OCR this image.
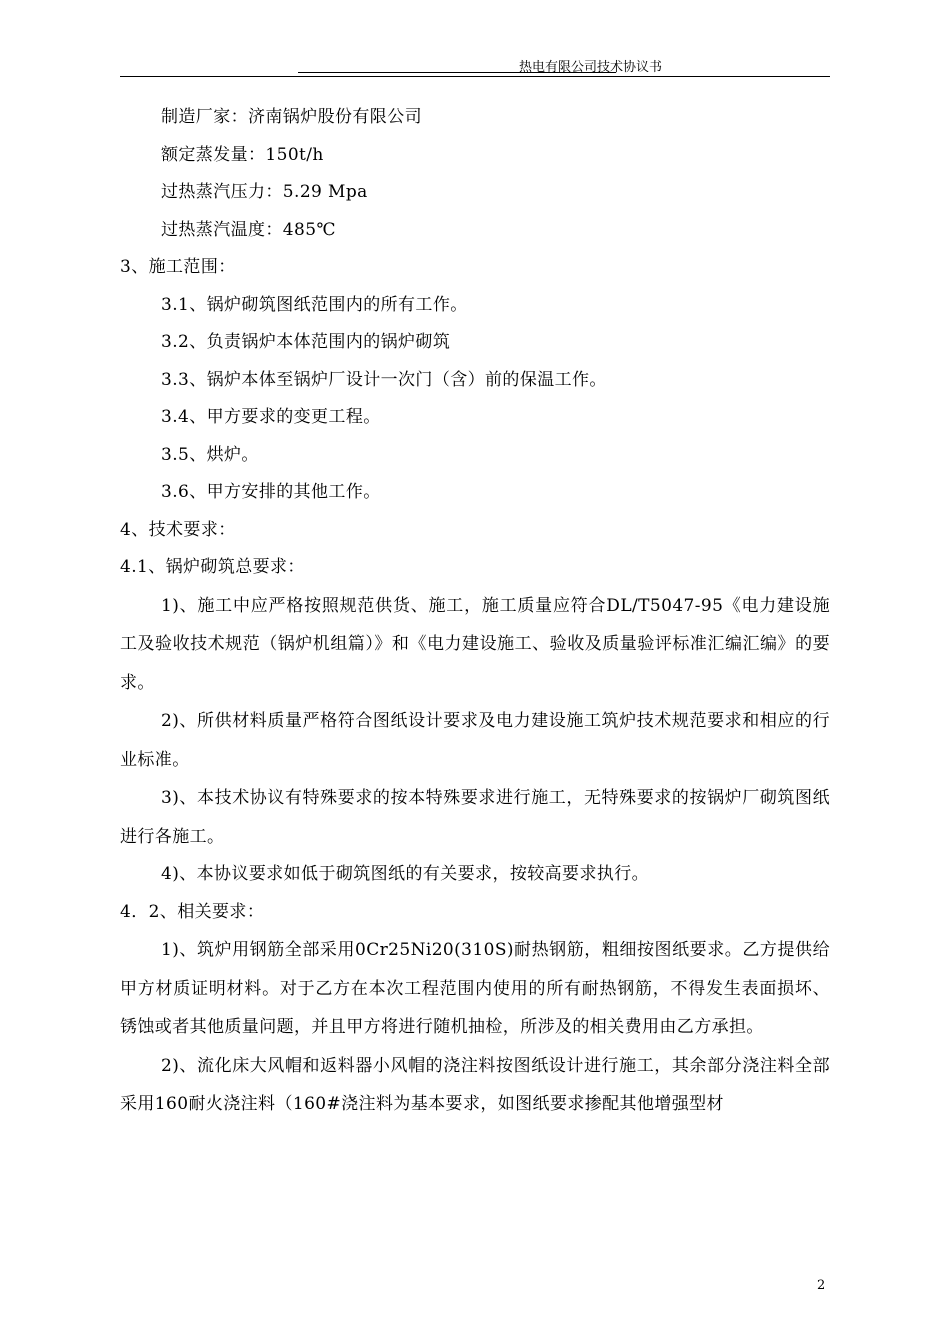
热电有限公司技术协议书

制造厂家：济南锅炉股份有限公司

额定蒸发量：150t/h

过热蒸汽压力：5.29 Mpa

过热蒸汽温度：485℃

3、施工范围：

3.1、锅炉砌筑图纸范围内的所有工作。

3.2、负责锅炉本体范围内的锅炉砌筑

3.3、锅炉本体至锅炉厂设计一次门（含）前的保温工作。

3.4、甲方要求的变更工程。

3.5、烘炉。

3.6、甲方安排的其他工作。

4、技术要求：

4.1、锅炉砌筑总要求：

1)、施工中应严格按照规范供货、施工，施工质量应符合DL/T5047-95《电力建设施工及验收技术规范（锅炉机组篇）》和《电力建设施工、验收及质量验评标准汇编汇编》的要求。

2)、所供材料质量严格符合图纸设计要求及电力建设施工筑炉技术规范要求和相应的行业标准。

3)、本技术协议有特殊要求的按本特殊要求进行施工，无特殊要求的按锅炉厂砌筑图纸进行各施工。

4)、本协议要求如低于砌筑图纸的有关要求，按较高要求执行。

4．2、相关要求：

1)、筑炉用钢筋全部采用0Cr25Ni20(310S)耐热钢筋，粗细按图纸要求。乙方提供给甲方材质证明材料。对于乙方在本次工程范围内使用的所有耐热钢筋，不得发生表面损坏、锈蚀或者其他质量问题，并且甲方将进行随机抽检，所涉及的相关费用由乙方承担。

2)、流化床大风帽和返料器小风帽的浇注料按图纸设计进行施工，其余部分浇注料全部采用160耐火浇注料（160#浇注料为基本要求，如图纸要求掺配其他增强型材

2
